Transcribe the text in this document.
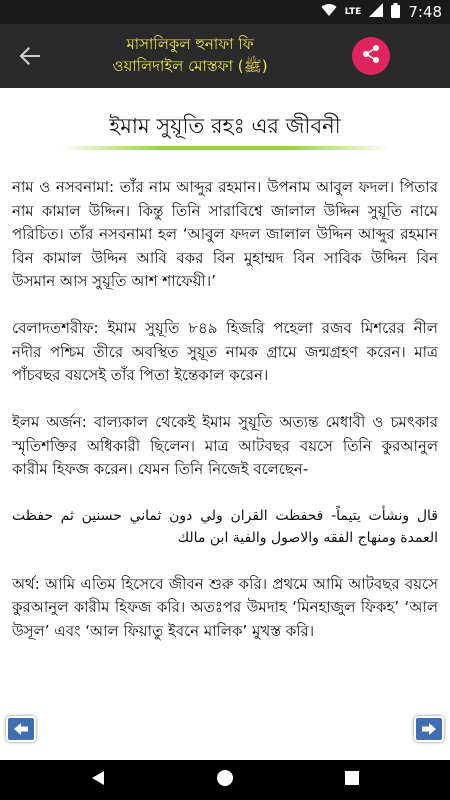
LTE	7:48
মাসালিকুল হুনাফা ফি
ওয়ালিদাইল মোস্তফা (ﷺ)
ইমাম সুয়ূতি রহঃ এর জীবনী

নাম ও নসবনামা: তাঁর নাম আব্দুর রহমান। উপনাম আবুল ফদল। পিতার নাম কামাল উদ্দিন। কিন্তু তিনি সারাবিশ্বে জালাল উদ্দিন সুয়ূতি নামে পরিচিত। তাঁর নসবনামা হল ‘আবুল ফদল জালাল উদ্দিন আব্দুর রহমান বিন কামাল উদ্দিন আবি বকর বিন মুহাম্মদ বিন সাবিক উদ্দিন বিন উসমান আস সুয়ূতি আশ শাফেয়ী।’

বেলাদতশরীফ: ইমাম সুয়ূতি ৮৪৯ হিজরি পহেলা রজব মিশরের নীল নদীর পশ্চিম তীরে অবস্থিত সুয়ূত নামক গ্রামে জন্মগ্রহণ করেন। মাত্র পাঁচবছর বয়সেই তাঁর পিতা ইন্তেকাল করেন।

ইলম অর্জন: বাল্যকাল থেকেই ইমাম সুয়ূতি অত্যন্ত মেধাবী ও চমৎকার স্মৃতিশক্তির অধিকারী ছিলেন। মাত্র আটবছর বয়সে তিনি কুরআনুল কারীম হিফজ করেন। যেমন তিনি নিজেই বলেছেন-

قال ونشأت يتيماً- فحفظت القران ولي دون ثماني حسنين ثم حفظت العمدة ومنهاج الفقه والاصول والفية ابن مالك

অর্থ: আমি এতিম হিসেবে জীবন শুরু করি। প্রথমে আমি আটবছর বয়সে কুরআনুল কারীম হিফজ করি। অতঃপর উমদাহ ‘মিনহাজুল ফিকহ’ ‘আল উসূল’ এবং ‘আল ফিয়াতু ইবনে মালিক’ মুখস্ত করি।
